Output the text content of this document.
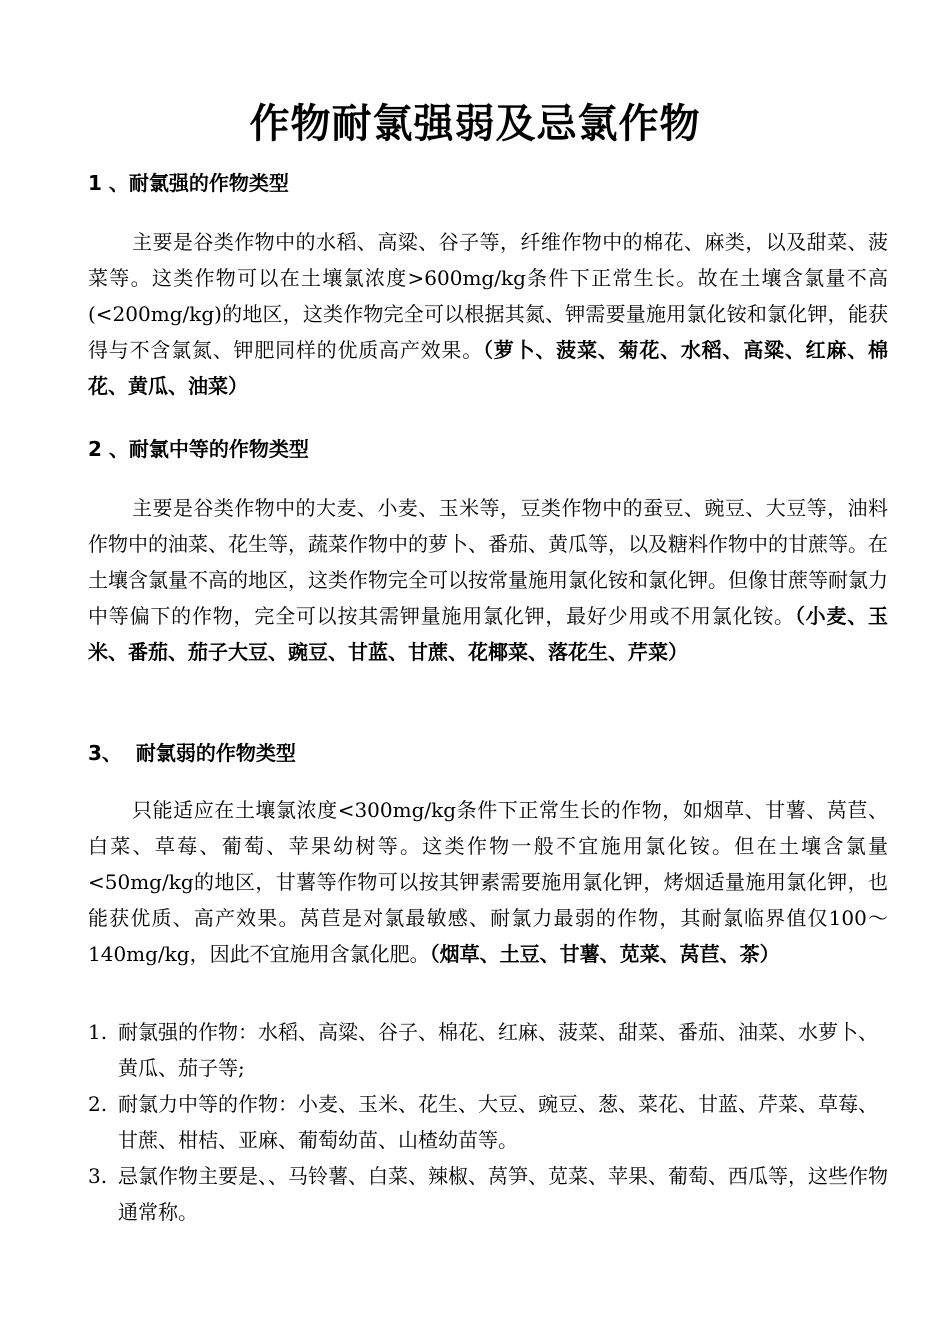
作物耐氯强弱及忌氯作物
1 、耐氯强的作物类型
主要是谷类作物中的水稻、高粱、谷子等，纤维作物中的棉花、麻类，以及甜菜、菠菜等。这类作物可以在土壤氯浓度>600mg/kg条件下正常生长。故在土壤含氯量不高(<200mg/kg)的地区，这类作物完全可以根据其氮、钾需要量施用氯化铵和氯化钾，能获得与不含氯氮、钾肥同样的优质高产效果。（萝卜、菠菜、菊花、水稻、高粱、红麻、棉花、黄瓜、油菜）
2 、耐氯中等的作物类型
主要是谷类作物中的大麦、小麦、玉米等，豆类作物中的蚕豆、豌豆、大豆等，油料作物中的油菜、花生等，蔬菜作物中的萝卜、番茄、黄瓜等，以及糖料作物中的甘蔗等。在土壤含氯量不高的地区，这类作物完全可以按常量施用氯化铵和氯化钾。但像甘蔗等耐氯力中等偏下的作物，完全可以按其需钾量施用氯化钾，最好少用或不用氯化铵。（小麦、玉米、番茄、茄子大豆、豌豆、甘蓝、甘蔗、花椰菜、落花生、芹菜）
3、  耐氯弱的作物类型
只能适应在土壤氯浓度<300mg/kg条件下正常生长的作物，如烟草、甘薯、莴苣、白菜、草莓、葡萄、苹果幼树等。这类作物一般不宜施用氯化铵。但在土壤含氯量<50mg/kg的地区，甘薯等作物可以按其钾素需要施用氯化钾，烤烟适量施用氯化钾，也能获优质、高产效果。莴苣是对氯最敏感、耐氯力最弱的作物，其耐氯临界值仅100～140mg/kg，因此不宜施用含氯化肥。（烟草、土豆、甘薯、苋菜、莴苣、茶）
1. 耐氯强的作物：水稻、高粱、谷子、棉花、红麻、菠菜、甜菜、番茄、油菜、水萝卜、黄瓜、茄子等;
2. 耐氯力中等的作物：小麦、玉米、花生、大豆、豌豆、葱、菜花、甘蓝、芹菜、草莓、甘蔗、柑桔、亚麻、葡萄幼苗、山楂幼苗等。
3. 忌氯作物主要是、、马铃薯、白菜、辣椒、莴笋、苋菜、苹果、葡萄、西瓜等，这些作物通常称。
